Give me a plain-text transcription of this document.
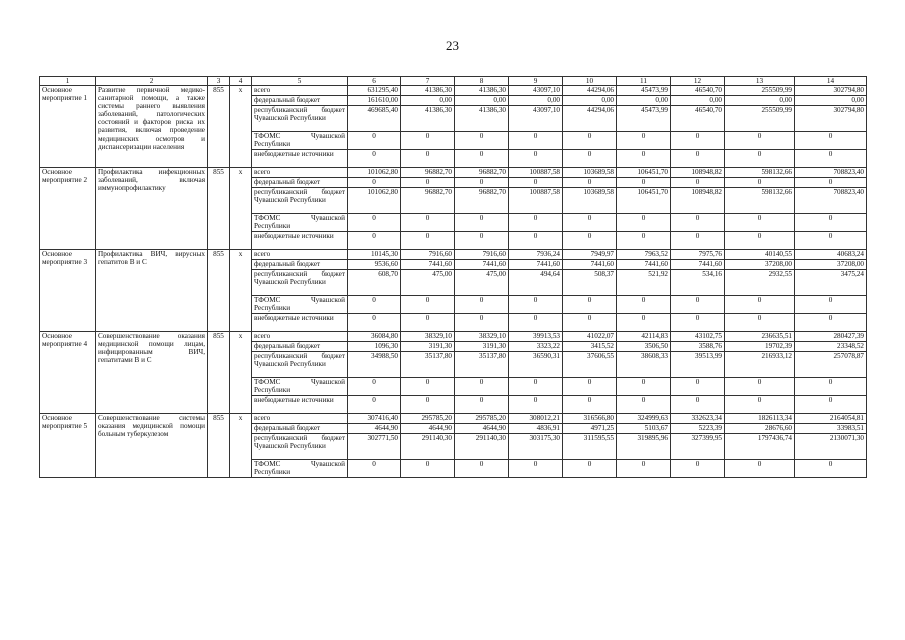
23
1	2	3	4	5	6	7	8	9	10	11	12	13	14
Основное мероприятие 1	Развитие первичной медико-санитарной помощи, а также системы раннего выявления заболеваний, патологических состояний и факторов риска их развития, включая проведение медицинских осмотров и диспансеризации населения	855	х	всего	631295,40	41386,30	41386,30	43097,10	44294,06	45473,99	46540,70	255509,99	302794,80
				федеральный бюджет	161610,00	0,00	0,00	0,00	0,00	0,00	0,00	0,00	0,00
				республиканский бюджет Чувашской Республики	469685,40	41386,30	41386,30	43097,10	44294,06	45473,99	46540,70	255509,99	302794,80
				ТФОМС Чувашской Республики	0	0	0	0	0	0	0	0	0
				внебюджетные источники	0	0	0	0	0	0	0	0	0
Основное мероприятие 2	Профилактика инфекционных заболеваний, включая иммунопрофилактику	855	х	всего	101062,80	96882,70	96882,70	100887,58	103689,58	106451,70	108948,82	598132,66	708823,40
				федеральный бюджет	0	0	0	0	0	0	0	0	0
				республиканский бюджет Чувашской Республики	101062,80	96882,70	96882,70	100887,58	103689,58	106451,70	108948,82	598132,66	708823,40
				ТФОМС Чувашской Республики	0	0	0	0	0	0	0	0	0
				внебюджетные источники	0	0	0	0	0	0	0	0	0
Основное мероприятие 3	Профилактика ВИЧ, вирусных гепатитов В и С	855	х	всего	10145,30	7916,60	7916,60	7936,24	7949,97	7963,52	7975,76	40140,55	40683,24
				федеральный бюджет	9536,60	7441,60	7441,60	7441,60	7441,60	7441,60	7441,60	37208,00	37208,00
				республиканский бюджет Чувашской Республики	608,70	475,00	475,00	494,64	508,37	521,92	534,16	2932,55	3475,24
				ТФОМС Чувашской Республики	0	0	0	0	0	0	0	0	0
				внебюджетные источники	0	0	0	0	0	0	0	0	0
Основное мероприятие 4	Совершенствование оказания медицинской помощи лицам, инфицированным ВИЧ, гепатитами В и С	855	х	всего	36084,80	38329,10	38329,10	39913,53	41022,07	42114,83	43102,75	236635,51	280427,39
				федеральный бюджет	1096,30	3191,30	3191,30	3323,22	3415,52	3506,50	3588,76	19702,39	23348,52
				республиканский бюджет Чувашской Республики	34988,50	35137,80	35137,80	36590,31	37606,55	38608,33	39513,99	216933,12	257078,87
				ТФОМС Чувашской Республики	0	0	0	0	0	0	0	0	0
				внебюджетные источники	0	0	0	0	0	0	0	0	0
Основное мероприятие 5	Совершенствование системы оказания медицинской помощи больным туберкулезом	855	х	всего	307416,40	295785,20	295785,20	308012,21	316566,80	324999,63	332623,34	1826113,34	2164054,81
				федеральный бюджет	4644,90	4644,90	4644,90	4836,91	4971,25	5103,67	5223,39	28676,60	33983,51
				республиканский бюджет Чувашской Республики	302771,50	291140,30	291140,30	303175,30	311595,55	319895,96	327399,95	1797436,74	2130071,30
				ТФОМС Чувашской Республики	0	0	0	0	0	0	0	0	0
